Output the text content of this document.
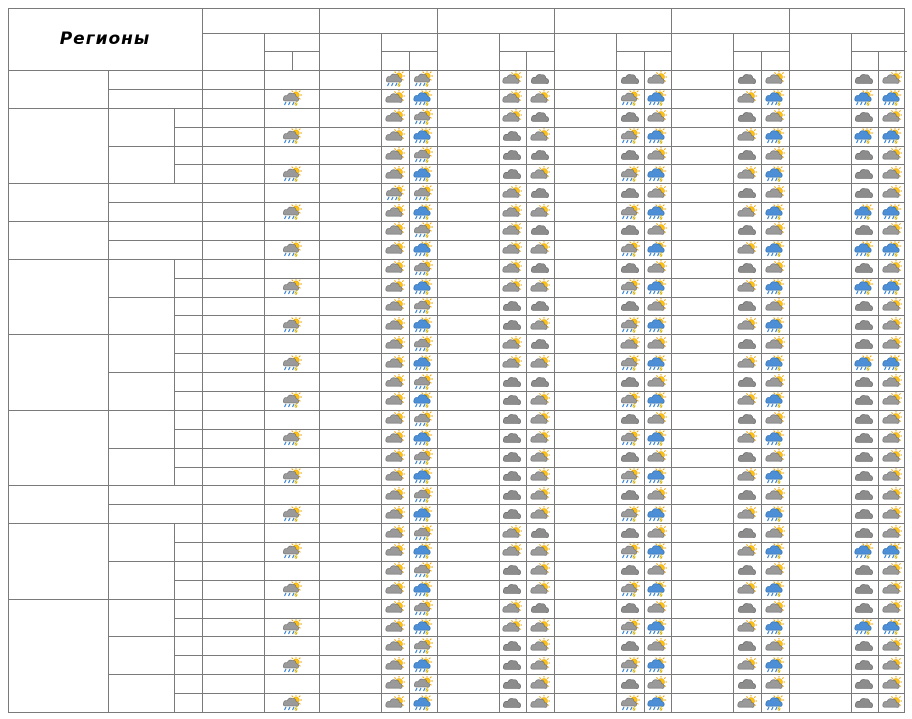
Регионы
